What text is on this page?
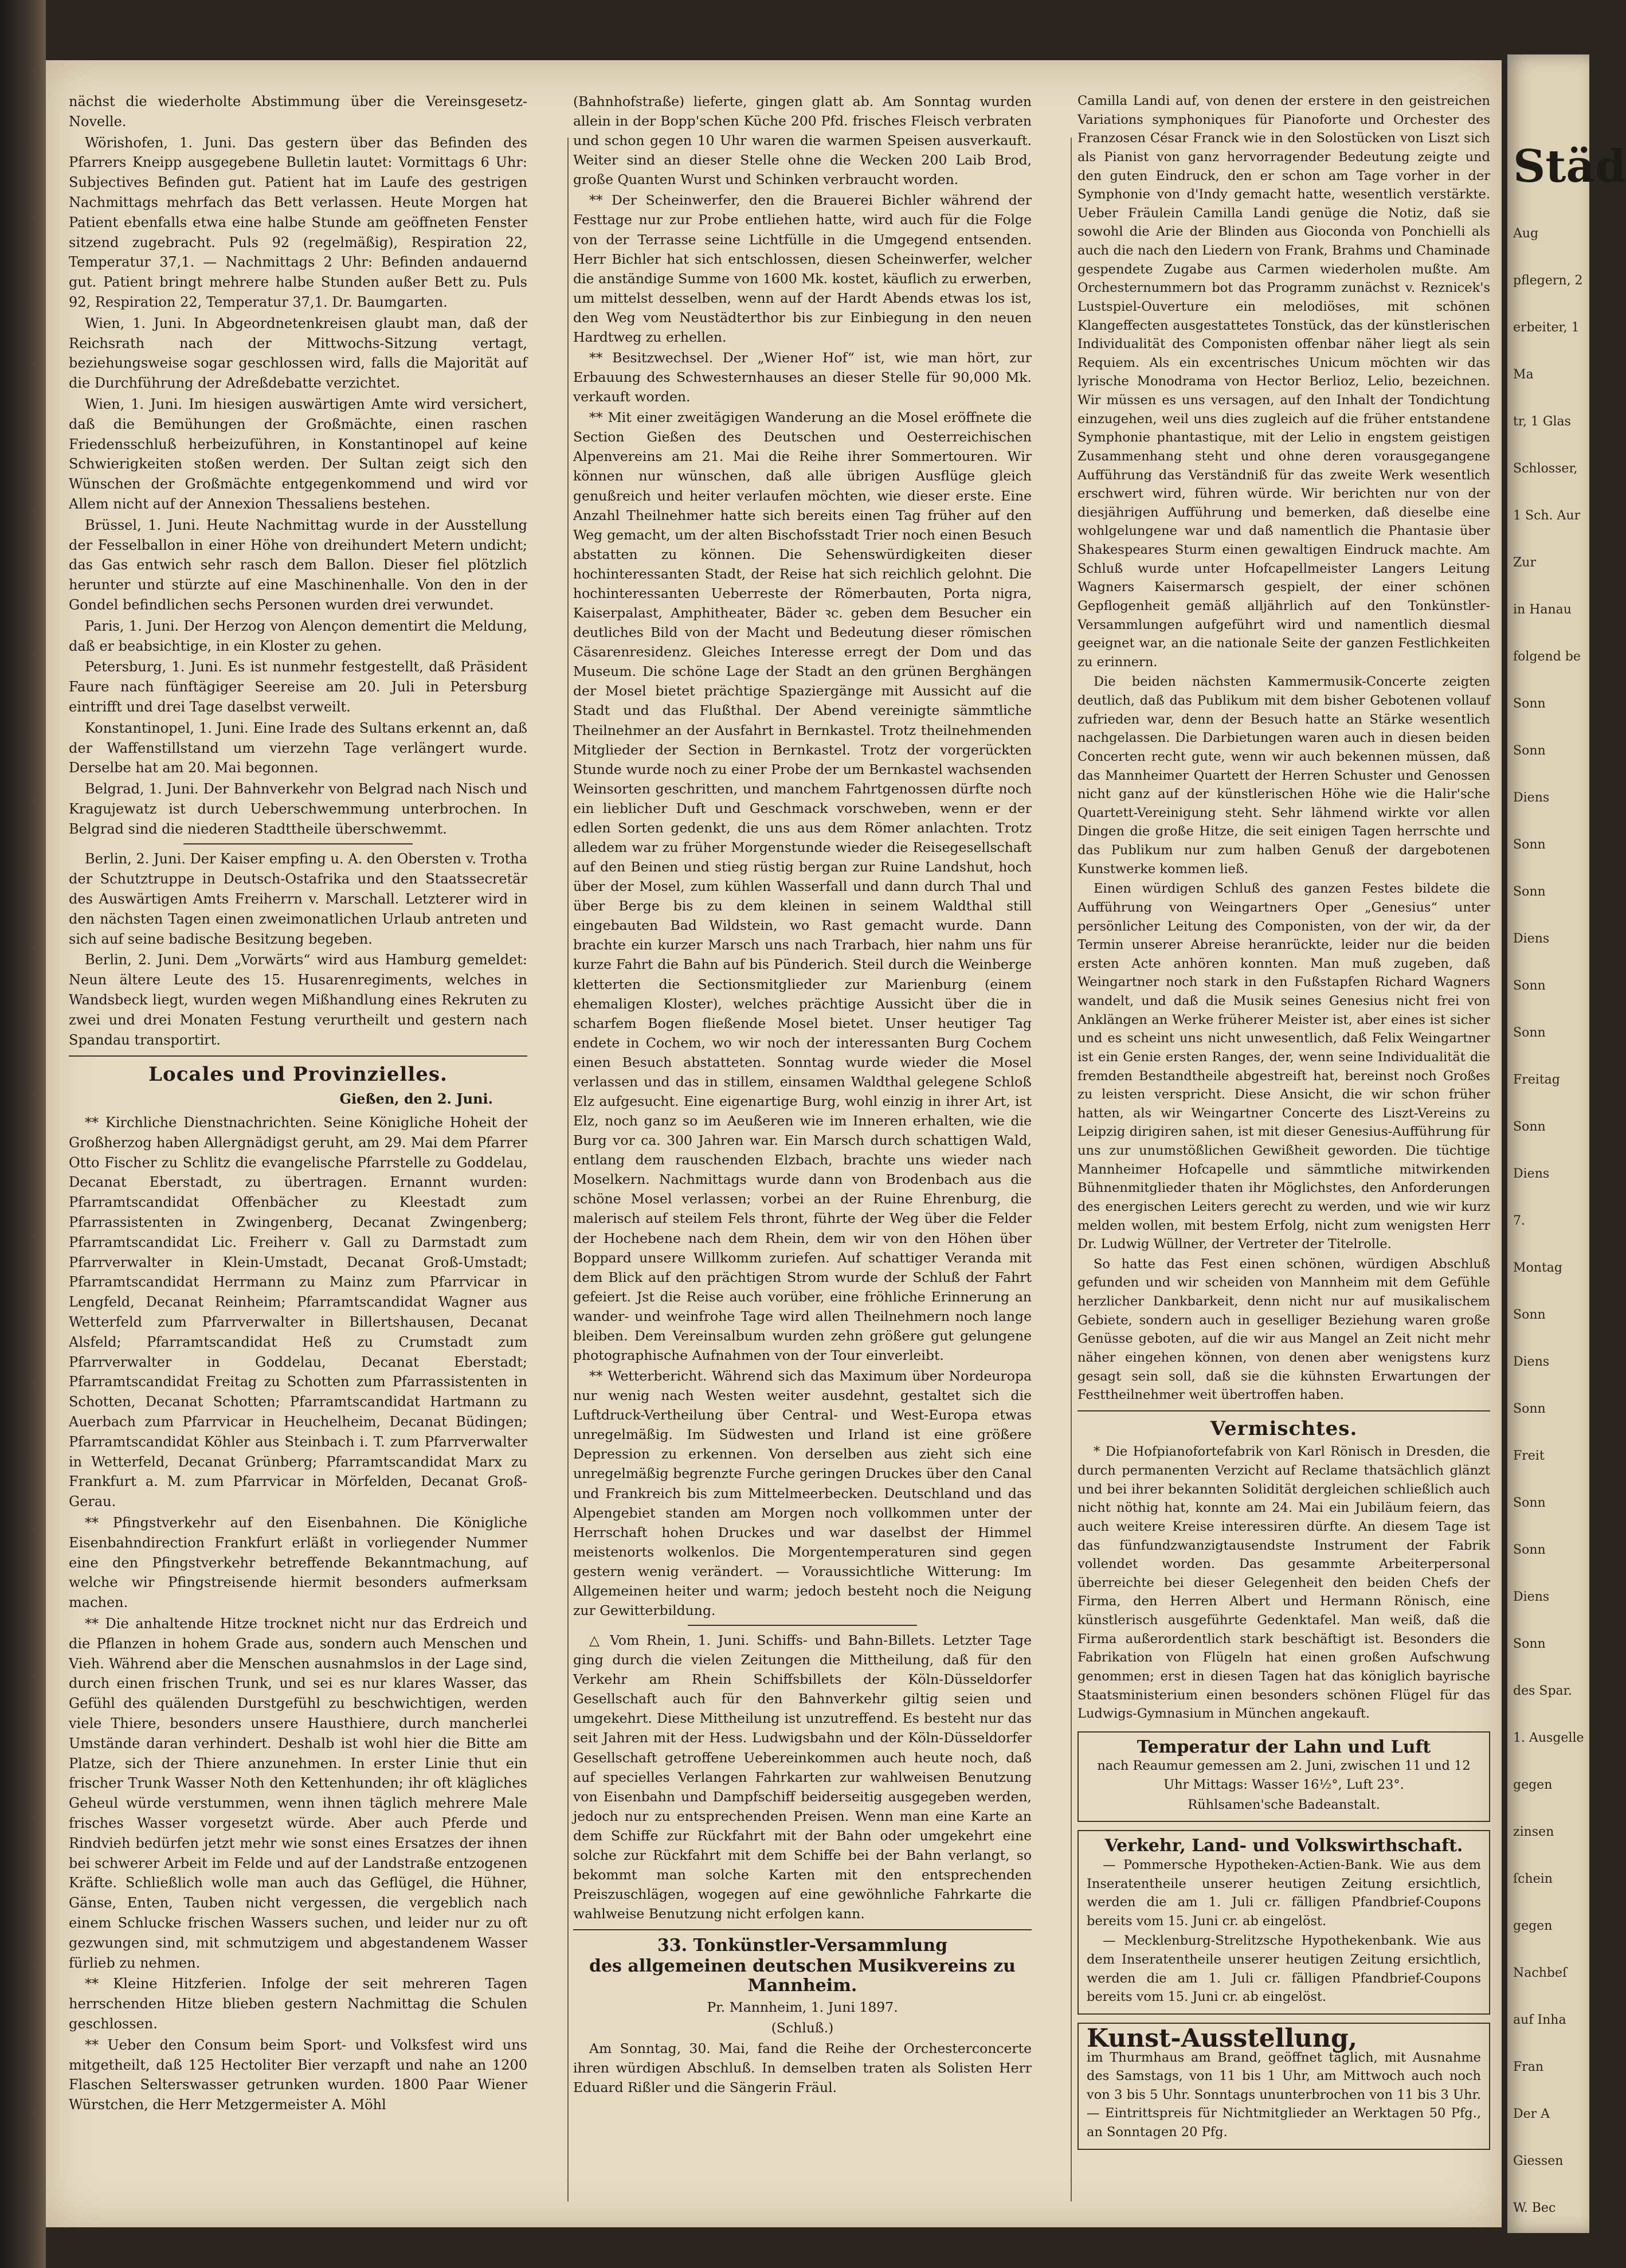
nächst die wiederholte Abstimmung über die Vereinsgesetz-Novelle.

Wörishofen, 1. Juni. Das gestern über das Befinden des Pfarrers Kneipp ausgegebene Bulletin lautet: Vormittags 6 Uhr: Subjectives Befinden gut. Patient hat im Laufe des gestrigen Nachmittags mehrfach das Bett verlassen. Heute Morgen hat Patient ebenfalls etwa eine halbe Stunde am geöffneten Fenster sitzend zugebracht. Puls 92 (regelmäßig), Respiration 22, Temperatur 37,1. — Nachmittags 2 Uhr: Befinden andauernd gut. Patient bringt mehrere halbe Stunden außer Bett zu. Puls 92, Respiration 22, Temperatur 37,1. Dr. Baumgarten.

Wien, 1. Juni. In Abgeordnetenkreisen glaubt man, daß der Reichsrath nach der Mittwochs-Sitzung vertagt, beziehungsweise sogar geschlossen wird, falls die Majorität auf die Durchführung der Adreßdebatte verzichtet.

Wien, 1. Juni. Im hiesigen auswärtigen Amte wird versichert, daß die Bemühungen der Großmächte, einen raschen Friedensschluß herbeizuführen, in Konstantinopel auf keine Schwierigkeiten stoßen werden. Der Sultan zeigt sich den Wünschen der Großmächte entgegenkommend und wird vor Allem nicht auf der Annexion Thessaliens bestehen.

Brüssel, 1. Juni. Heute Nachmittag wurde in der Ausstellung der Fesselballon in einer Höhe von dreihundert Metern undicht; das Gas entwich sehr rasch dem Ballon. Dieser fiel plötzlich herunter und stürzte auf eine Maschinenhalle. Von den in der Gondel befindlichen sechs Personen wurden drei verwundet.

Paris, 1. Juni. Der Herzog von Alençon dementirt die Meldung, daß er beabsichtige, in ein Kloster zu gehen.

Petersburg, 1. Juni. Es ist nunmehr festgestellt, daß Präsident Faure nach fünftägiger Seereise am 20. Juli in Petersburg eintrifft und drei Tage daselbst verweilt.

Konstantinopel, 1. Juni. Eine Irade des Sultans erkennt an, daß der Waffenstillstand um vierzehn Tage verlängert wurde. Derselbe hat am 20. Mai begonnen.

Belgrad, 1. Juni. Der Bahnverkehr von Belgrad nach Nisch und Kragujewatz ist durch Ueberschwemmung unterbrochen. In Belgrad sind die niederen Stadttheile überschwemmt.

Berlin, 2. Juni. Der Kaiser empfing u. A. den Obersten v. Trotha der Schutztruppe in Deutsch-Ostafrika und den Staatssecretär des Auswärtigen Amts Freiherrn v. Marschall. Letzterer wird in den nächsten Tagen einen zweimonatlichen Urlaub antreten und sich auf seine badische Besitzung begeben.

Berlin, 2. Juni. Dem „Vorwärts“ wird aus Hamburg gemeldet: Neun ältere Leute des 15. Husarenregiments, welches in Wandsbeck liegt, wurden wegen Mißhandlung eines Rekruten zu zwei und drei Monaten Festung verurtheilt und gestern nach Spandau transportirt.

Locales und Provinzielles.
Gießen, den 2. Juni.

** Kirchliche Dienstnachrichten. Seine Königliche Hoheit der Großherzog haben Allergnädigst geruht, am 29. Mai dem Pfarrer Otto Fischer zu Schlitz die evangelische Pfarrstelle zu Goddelau, Decanat Eberstadt, zu übertragen. Ernannt wurden: Pfarramtscandidat Offenbächer zu Kleestadt zum Pfarrassistenten in Zwingenberg, Decanat Zwingenberg; Pfarramtscandidat Lic. Freiherr v. Gall zu Darmstadt zum Pfarrverwalter in Klein-Umstadt, Decanat Groß-Umstadt; Pfarramtscandidat Herrmann zu Mainz zum Pfarrvicar in Lengfeld, Decanat Reinheim; Pfarramtscandidat Wagner aus Wetterfeld zum Pfarrverwalter in Billertshausen, Decanat Alsfeld; Pfarramtscandidat Heß zu Crumstadt zum Pfarrverwalter in Goddelau, Decanat Eberstadt; Pfarramtscandidat Freitag zu Schotten zum Pfarrassistenten in Schotten, Decanat Schotten; Pfarramtscandidat Hartmann zu Auerbach zum Pfarrvicar in Heuchelheim, Decanat Büdingen; Pfarramtscandidat Köhler aus Steinbach i. T. zum Pfarrverwalter in Wetterfeld, Decanat Grünberg; Pfarramtscandidat Marx zu Frankfurt a. M. zum Pfarrvicar in Mörfelden, Decanat Groß-Gerau.

** Pfingstverkehr auf den Eisenbahnen. Die Königliche Eisenbahndirection Frankfurt erläßt in vorliegender Nummer eine den Pfingstverkehr betreffende Bekanntmachung, auf welche wir Pfingstreisende hiermit besonders aufmerksam machen.

** Die anhaltende Hitze trocknet nicht nur das Erdreich und die Pflanzen in hohem Grade aus, sondern auch Menschen und Vieh. Während aber die Menschen ausnahmslos in der Lage sind, durch einen frischen Trunk, und sei es nur klares Wasser, das Gefühl des quälenden Durstgefühl zu beschwichtigen, werden viele Thiere, besonders unsere Hausthiere, durch mancherlei Umstände daran verhindert. Deshalb ist wohl hier die Bitte am Platze, sich der Thiere anzunehmen. In erster Linie thut ein frischer Trunk Wasser Noth den Kettenhunden; ihr oft klägliches Geheul würde verstummen, wenn ihnen täglich mehrere Male frisches Wasser vorgesetzt würde. Aber auch Pferde und Rindvieh bedürfen jetzt mehr wie sonst eines Ersatzes der ihnen bei schwerer Arbeit im Felde und auf der Landstraße entzogenen Kräfte. Schließlich wolle man auch das Geflügel, die Hühner, Gänse, Enten, Tauben nicht vergessen, die vergeblich nach einem Schlucke frischen Wassers suchen, und leider nur zu oft gezwungen sind, mit schmutzigem und abgestandenem Wasser fürlieb zu nehmen.

** Kleine Hitzferien. Infolge der seit mehreren Tagen herrschenden Hitze blieben gestern Nachmittag die Schulen geschlossen.

** Ueber den Consum beim Sport- und Volksfest wird uns mitgetheilt, daß 125 Hectoliter Bier verzapft und nahe an 1200 Flaschen Selterswasser getrunken wurden. 1800 Paar Wiener Würstchen, die Herr Metzgermeister A. Möhl

(Bahnhofstraße) lieferte, gingen glatt ab. Am Sonntag wurden allein in der Bopp'schen Küche 200 Pfd. frisches Fleisch verbraten und schon gegen 10 Uhr waren die warmen Speisen ausverkauft. Weiter sind an dieser Stelle ohne die Wecken 200 Laib Brod, große Quanten Wurst und Schinken verbraucht worden.

** Der Scheinwerfer, den die Brauerei Bichler während der Festtage nur zur Probe entliehen hatte, wird auch für die Folge von der Terrasse seine Lichtfülle in die Umgegend entsenden. Herr Bichler hat sich entschlossen, diesen Scheinwerfer, welcher die anständige Summe von 1600 Mk. kostet, käuflich zu erwerben, um mittelst desselben, wenn auf der Hardt Abends etwas los ist, den Weg vom Neustädterthor bis zur Einbiegung in den neuen Hardtweg zu erhellen.

** Besitzwechsel. Der „Wiener Hof“ ist, wie man hört, zur Erbauung des Schwesternhauses an dieser Stelle für 90,000 Mk. verkauft worden.

** Mit einer zweitägigen Wanderung an die Mosel eröffnete die Section Gießen des Deutschen und Oesterreichischen Alpenvereins am 21. Mai die Reihe ihrer Sommertouren. Wir können nur wünschen, daß alle übrigen Ausflüge gleich genußreich und heiter verlaufen möchten, wie dieser erste. Eine Anzahl Theilnehmer hatte sich bereits einen Tag früher auf den Weg gemacht, um der alten Bischofsstadt Trier noch einen Besuch abstatten zu können. Die Sehenswürdigkeiten dieser hochinteressanten Stadt, der Reise hat sich reichlich gelohnt. Die hochinteressanten Ueberreste der Römerbauten, Porta nigra, Kaiserpalast, Amphitheater, Bäder ꝛc. geben dem Besucher ein deutliches Bild von der Macht und Bedeutung dieser römischen Cäsarenresidenz. Gleiches Interesse erregt der Dom und das Museum. Die schöne Lage der Stadt an den grünen Berghängen der Mosel bietet prächtige Spaziergänge mit Aussicht auf die Stadt und das Flußthal. Der Abend vereinigte sämmtliche Theilnehmer an der Ausfahrt in Bernkastel. Trotz theilnehmenden Mitglieder der Section in Bernkastel. Trotz der vorgerückten Stunde wurde noch zu einer Probe der um Bernkastel wachsenden Weinsorten geschritten, und manchem Fahrtgenossen dürfte noch ein lieblicher Duft und Geschmack vorschweben, wenn er der edlen Sorten gedenkt, die uns aus dem Römer anlachten. Trotz alledem war zu früher Morgenstunde wieder die Reisegesellschaft auf den Beinen und stieg rüstig bergan zur Ruine Landshut, hoch über der Mosel, zum kühlen Wasserfall und dann durch Thal und über Berge bis zu dem kleinen in seinem Waldthal still eingebauten Bad Wildstein, wo Rast gemacht wurde. Dann brachte ein kurzer Marsch uns nach Trarbach, hier nahm uns für kurze Fahrt die Bahn auf bis Pünderich. Steil durch die Weinberge kletterten die Sectionsmitglieder zur Marienburg (einem ehemaligen Kloster), welches prächtige Aussicht über die in scharfem Bogen fließende Mosel bietet. Unser heutiger Tag endete in Cochem, wo wir noch der interessanten Burg Cochem einen Besuch abstatteten. Sonntag wurde wieder die Mosel verlassen und das in stillem, einsamen Waldthal gelegene Schloß Elz aufgesucht. Eine eigenartige Burg, wohl einzig in ihrer Art, ist Elz, noch ganz so im Aeußeren wie im Inneren erhalten, wie die Burg vor ca. 300 Jahren war. Ein Marsch durch schattigen Wald, entlang dem rauschenden Elzbach, brachte uns wieder nach Moselkern. Nachmittags wurde dann von Brodenbach aus die schöne Mosel verlassen; vorbei an der Ruine Ehrenburg, die malerisch auf steilem Fels thront, führte der Weg über die Felder der Hochebene nach dem Rhein, dem wir von den Höhen über Boppard unsere Willkomm zuriefen. Auf schattiger Veranda mit dem Blick auf den prächtigen Strom wurde der Schluß der Fahrt gefeiert. Jst die Reise auch vorüber, eine fröhliche Erinnerung an wander- und weinfrohe Tage wird allen Theilnehmern noch lange bleiben. Dem Vereinsalbum wurden zehn größere gut gelungene photographische Aufnahmen von der Tour einverleibt.

** Wetterbericht. Während sich das Maximum über Nordeuropa nur wenig nach Westen weiter ausdehnt, gestaltet sich die Luftdruck-Vertheilung über Central- und West-Europa etwas unregelmäßig. Im Südwesten und Irland ist eine größere Depression zu erkennen. Von derselben aus zieht sich eine unregelmäßig begrenzte Furche geringen Druckes über den Canal und Frankreich bis zum Mittelmeerbecken. Deutschland und das Alpengebiet standen am Morgen noch vollkommen unter der Herrschaft hohen Druckes und war daselbst der Himmel meistenorts wolkenlos. Die Morgentemperaturen sind gegen gestern wenig verändert. — Voraussichtliche Witterung: Im Allgemeinen heiter und warm; jedoch besteht noch die Neigung zur Gewitterbildung.

△ Vom Rhein, 1. Juni. Schiffs- und Bahn-Billets. Letzter Tage ging durch die vielen Zeitungen die Mittheilung, daß für den Verkehr am Rhein Schiffsbillets der Köln-Düsseldorfer Gesellschaft auch für den Bahnverkehr giltig seien und umgekehrt. Diese Mittheilung ist unzutreffend. Es besteht nur das seit Jahren mit der Hess. Ludwigsbahn und der Köln-Düsseldorfer Gesellschaft getroffene Uebereinkommen auch heute noch, daß auf specielles Verlangen Fahrkarten zur wahlweisen Benutzung von Eisenbahn und Dampfschiff beiderseitig ausgegeben werden, jedoch nur zu entsprechenden Preisen. Wenn man eine Karte an dem Schiffe zur Rückfahrt mit der Bahn oder umgekehrt eine solche zur Rückfahrt mit dem Schiffe bei der Bahn verlangt, so bekommt man solche Karten mit den entsprechenden Preiszuschlägen, wogegen auf eine gewöhnliche Fahrkarte die wahlweise Benutzung nicht erfolgen kann.

33. Tonkünstler-Versammlung

des allgemeinen deutschen Musikvereins zu Mannheim.

Pr. Mannheim, 1. Juni 1897.

(Schluß.)

Am Sonntag, 30. Mai, fand die Reihe der Orchesterconcerte ihren würdigen Abschluß. In demselben traten als Solisten Herr Eduard Rißler und die Sängerin Fräul.

Camilla Landi auf, von denen der erstere in den geistreichen Variations symphoniques für Pianoforte und Orchester des Franzosen César Franck wie in den Solostücken von Liszt sich als Pianist von ganz hervorragender Bedeutung zeigte und den guten Eindruck, den er schon am Tage vorher in der Symphonie von d'Indy gemacht hatte, wesentlich verstärkte. Ueber Fräulein Camilla Landi genüge die Notiz, daß sie sowohl die Arie der Blinden aus Gioconda von Ponchielli als auch die nach den Liedern von Frank, Brahms und Chaminade gespendete Zugabe aus Carmen wiederholen mußte. Am Orchesternummern bot das Programm zunächst v. Reznicek's Lustspiel-Ouverture ein melodiöses, mit schönen Klangeffecten ausgestattetes Tonstück, das der künstlerischen Individualität des Componisten offenbar näher liegt als sein Requiem. Als ein excentrisches Unicum möchten wir das lyrische Monodrama von Hector Berlioz, Lelio, bezeichnen. Wir müssen es uns versagen, auf den Inhalt der Tondichtung einzugehen, weil uns dies zugleich auf die früher entstandene Symphonie phantastique, mit der Lelio in engstem geistigen Zusammenhang steht und ohne deren vorausgegangene Aufführung das Verständniß für das zweite Werk wesentlich erschwert wird, führen würde. Wir berichten nur von der diesjährigen Aufführung und bemerken, daß dieselbe eine wohlgelungene war und daß namentlich die Phantasie über Shakespeares Sturm einen gewaltigen Eindruck machte. Am Schluß wurde unter Hofcapellmeister Langers Leitung Wagners Kaisermarsch gespielt, der einer schönen Gepflogenheit gemäß alljährlich auf den Tonkünstler-Versammlungen aufgeführt wird und namentlich diesmal geeignet war, an die nationale Seite der ganzen Festlichkeiten zu erinnern.

Die beiden nächsten Kammermusik-Concerte zeigten deutlich, daß das Publikum mit dem bisher Gebotenen vollauf zufrieden war, denn der Besuch hatte an Stärke wesentlich nachgelassen. Die Darbietungen waren auch in diesen beiden Concerten recht gute, wenn wir auch bekennen müssen, daß das Mannheimer Quartett der Herren Schuster und Genossen nicht ganz auf der künstlerischen Höhe wie die Halir'sche Quartett-Vereinigung steht. Sehr lähmend wirkte vor allen Dingen die große Hitze, die seit einigen Tagen herrschte und das Publikum nur zum halben Genuß der dargebotenen Kunstwerke kommen ließ.

Einen würdigen Schluß des ganzen Festes bildete die Aufführung von Weingartners Oper „Genesius“ unter persönlicher Leitung des Componisten, von der wir, da der Termin unserer Abreise heranrückte, leider nur die beiden ersten Acte anhören konnten. Man muß zugeben, daß Weingartner noch stark in den Fußstapfen Richard Wagners wandelt, und daß die Musik seines Genesius nicht frei von Anklängen an Werke früherer Meister ist, aber eines ist sicher und es scheint uns nicht unwesentlich, daß Felix Weingartner ist ein Genie ersten Ranges, der, wenn seine Individualität die fremden Bestandtheile abgestreift hat, bereinst noch Großes zu leisten verspricht. Diese Ansicht, die wir schon früher hatten, als wir Weingartner Concerte des Liszt-Vereins zu Leipzig dirigiren sahen, ist mit dieser Genesius-Aufführung für uns zur unumstößlichen Gewißheit geworden. Die tüchtige Mannheimer Hofcapelle und sämmtliche mitwirkenden Bühnenmitglieder thaten ihr Möglichstes, den Anforderungen des energischen Leiters gerecht zu werden, und wie wir kurz melden wollen, mit bestem Erfolg, nicht zum wenigsten Herr Dr. Ludwig Wüllner, der Vertreter der Titelrolle.

So hatte das Fest einen schönen, würdigen Abschluß gefunden und wir scheiden von Mannheim mit dem Gefühle herzlicher Dankbarkeit, denn nicht nur auf musikalischem Gebiete, sondern auch in geselliger Beziehung waren große Genüsse geboten, auf die wir aus Mangel an Zeit nicht mehr näher eingehen können, von denen aber wenigstens kurz gesagt sein soll, daß sie die kühnsten Erwartungen der Festtheilnehmer weit übertroffen haben.

Vermischtes.

* Die Hofpianofortefabrik von Karl Rönisch in Dresden, die durch permanenten Verzicht auf Reclame thatsächlich glänzt und bei ihrer bekannten Solidität dergleichen schließlich auch nicht nöthig hat, konnte am 24. Mai ein Jubiläum feiern, das auch weitere Kreise interessiren dürfte. An diesem Tage ist das fünfundzwanzigtausendste Instrument der Fabrik vollendet worden. Das gesammte Arbeiterpersonal überreichte bei dieser Gelegenheit den beiden Chefs der Firma, den Herren Albert und Hermann Rönisch, eine künstlerisch ausgeführte Gedenktafel. Man weiß, daß die Firma außerordentlich stark beschäftigt ist. Besonders die Fabrikation von Flügeln hat einen großen Aufschwung genommen; erst in diesen Tagen hat das königlich bayrische Staatsministerium einen besonders schönen Flügel für das Ludwigs-Gymnasium in München angekauft.

Temperatur der Lahn und Luft

nach Reaumur gemessen am 2. Juni, zwischen 11 und 12 Uhr Mittags: Wasser 16½°, Luft 23°.

Rühlsamen'sche Badeanstalt.

Verkehr, Land- und Volkswirthschaft.

— Pommersche Hypotheken-Actien-Bank. Wie aus dem Inseratentheile unserer heutigen Zeitung ersichtlich, werden die am 1. Juli cr. fälligen Pfandbrief-Coupons bereits vom 15. Juni cr. ab eingelöst.

— Mecklenburg-Strelitzsche Hypothekenbank. Wie aus dem Inseratentheile unserer heutigen Zeitung ersichtlich, werden die am 1. Juli cr. fälligen Pfandbrief-Coupons bereits vom 15. Juni cr. ab eingelöst.

Kunst-Ausstellung,

im Thurmhaus am Brand, geöffnet täglich, mit Ausnahme des Samstags, von 11 bis 1 Uhr, am Mittwoch auch noch von 3 bis 5 Uhr. Sonntags ununterbrochen von 11 bis 3 Uhr. — Eintrittspreis für Nichtmitglieder an Werktagen 50 Pfg., an Sonntagen 20 Pfg.

Städ
Aug
pflegern, 2
erbeiter, 1
Ma
tr, 1 Glas
Schlosser,
1 Sch. Aur
Zur
in Hanau
folgend be
Sonn
Sonn
Diens
Sonn
Sonn
Diens
Sonn
Sonn
Freitag
Sonn
Diens
7.
Montag
Sonn
Diens
Sonn
Freit
Sonn
Sonn
Diens
Sonn
des Spar.
1. Ausgelle
gegen
zinsen
ſchein
gegen
Nachbeſ
auf Inha
Fran
Der A
Giessen
W. Bec
